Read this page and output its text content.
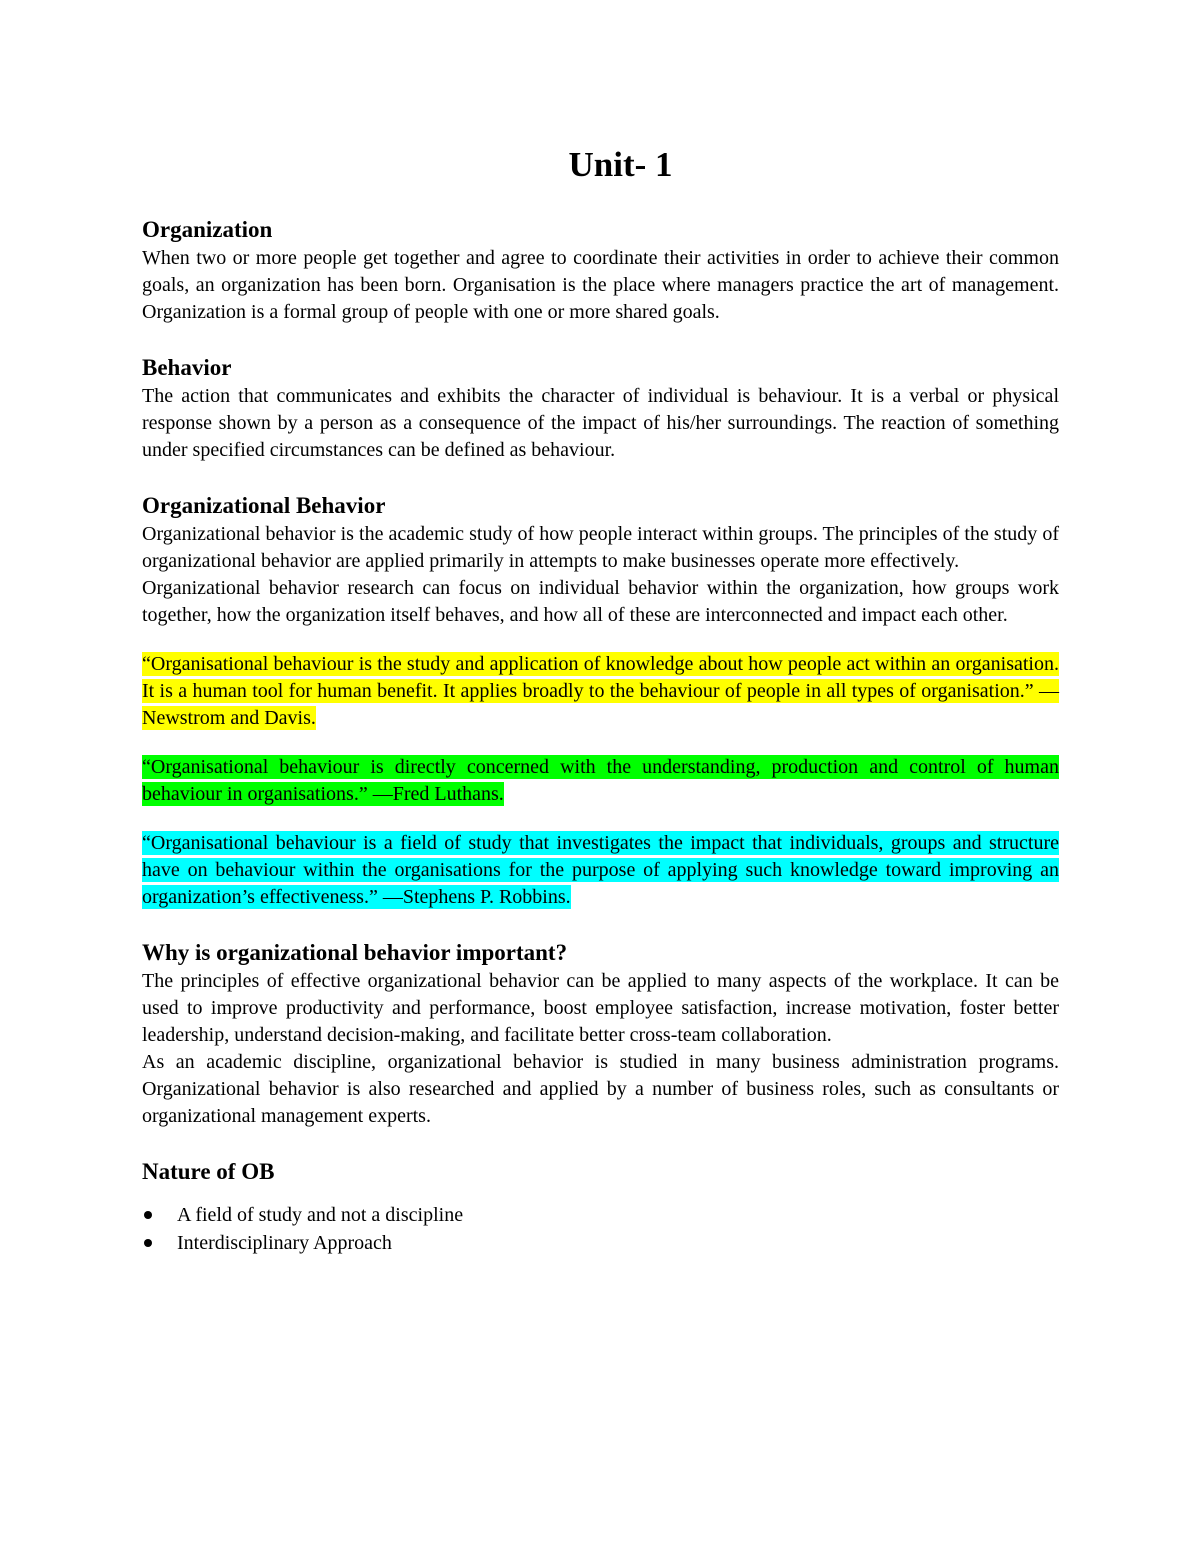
Unit- 1
Organization

When two or more people get together and agree to coordinate their activities in order to achieve their common goals, an organization has been born. Organisation is the place where managers practice the art of management. Organization is a formal group of people with one or more shared goals.

Behavior

The action that communicates and exhibits the character of individual is behaviour. It is a verbal or physical response shown by a person as a consequence of the impact of his/her surroundings. The reaction of something under specified circumstances can be defined as behaviour.

Organizational Behavior

Organizational behavior is the academic study of how people interact within groups. The principles of the study of organizational behavior are applied primarily in attempts to make businesses operate more effectively.

Organizational behavior research can focus on individual behavior within the organization, how groups work together, how the organization itself behaves, and how all of these are interconnected and impact each other.

“Organisational behaviour is the study and application of knowledge about how people act within an organisation. It is a human tool for human benefit. It applies broadly to the behaviour of people in all types of organisation.” — Newstrom and Davis.

“Organisational behaviour is directly concerned with the understanding, production and control of human behaviour in organisations.” —Fred Luthans.

“Organisational behaviour is a field of study that investigates the impact that individuals, groups and structure have on behaviour within the organisations for the purpose of applying such knowledge toward improving an organization’s effectiveness.” —Stephens P. Robbins.

Why is organizational behavior important?

The principles of effective organizational behavior can be applied to many aspects of the workplace. It can be used to improve productivity and performance, boost employee satisfaction, increase motivation, foster better leadership, understand decision-making, and facilitate better cross-team collaboration.

As an academic discipline, organizational behavior is studied in many business administration programs. Organizational behavior is also researched and applied by a number of business roles, such as consultants or organizational management experts.

Nature of OB
A field of study and not a discipline
Interdisciplinary Approach
